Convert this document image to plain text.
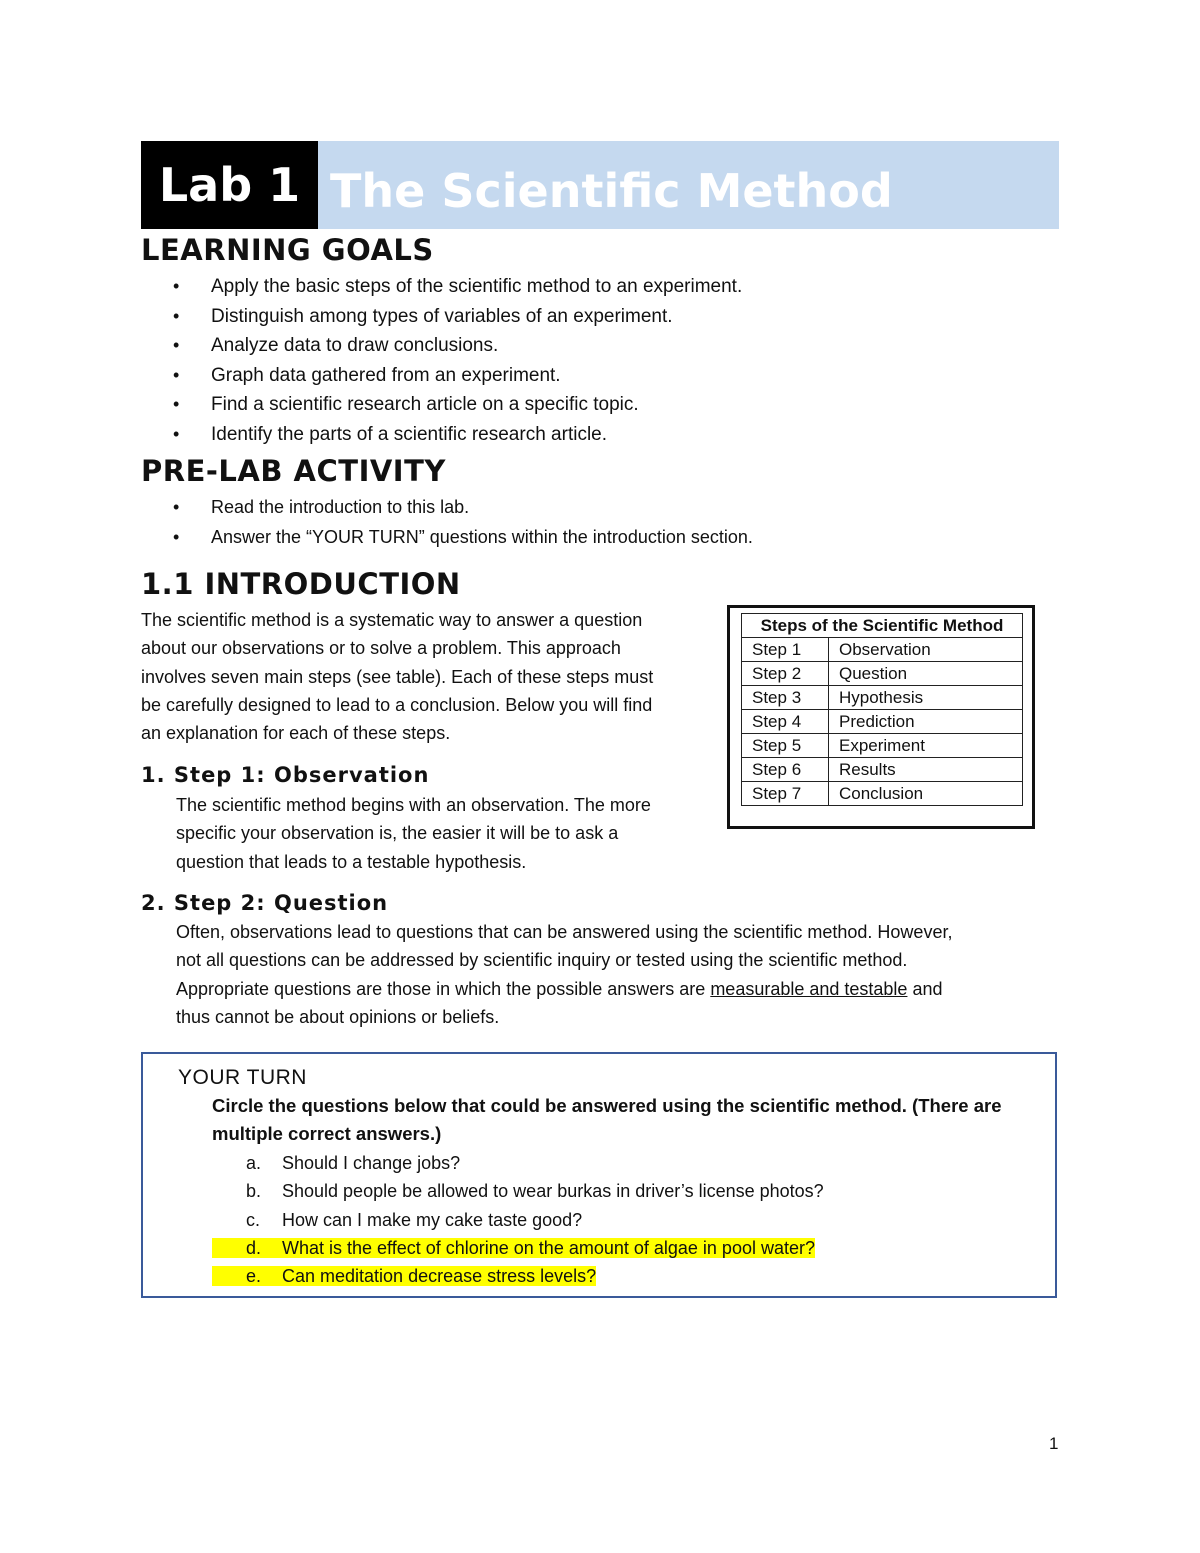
Lab 1 The Scientific Method
LEARNING GOALS
• Apply the basic steps of the scientific method to an experiment.
• Distinguish among types of variables of an experiment.
• Analyze data to draw conclusions.
• Graph data gathered from an experiment.
• Find a scientific research article on a specific topic.
• Identify the parts of a scientific research article.
PRE-LAB ACTIVITY
• Read the introduction to this lab.
• Answer the “YOUR TURN” questions within the introduction section.
1.1 INTRODUCTION
The scientific method is a systematic way to answer a question
about our observations or to solve a problem. This approach
involves seven main steps (see table). Each of these steps must
be carefully designed to lead to a conclusion. Below you will find
an explanation for each of these steps.
Steps of the Scientific Method	
Step 1	Observation
Step 2	Question
Step 3	Hypothesis
Step 4	Prediction
Step 5	Experiment
Step 6	Results
Step 7	Conclusion
1. Step 1: Observation
The scientific method begins with an observation. The more
specific your observation is, the easier it will be to ask a
question that leads to a testable hypothesis.
2. Step 2: Question
Often, observations lead to questions that can be answered using the scientific method. However,
not all questions can be addressed by scientific inquiry or tested using the scientific method.
Appropriate questions are those in which the possible answers are measurable and testable and
thus cannot be about opinions or beliefs.
YOUR TURN
Circle the questions below that could be answered using the scientific method. (There are multiple correct answers.)
a. Should I change jobs?
b. Should people be allowed to wear burkas in driver’s license photos?
c. How can I make my cake taste good?
d. What is the effect of chlorine on the amount of algae in pool water?
e. Can meditation decrease stress levels?
1
